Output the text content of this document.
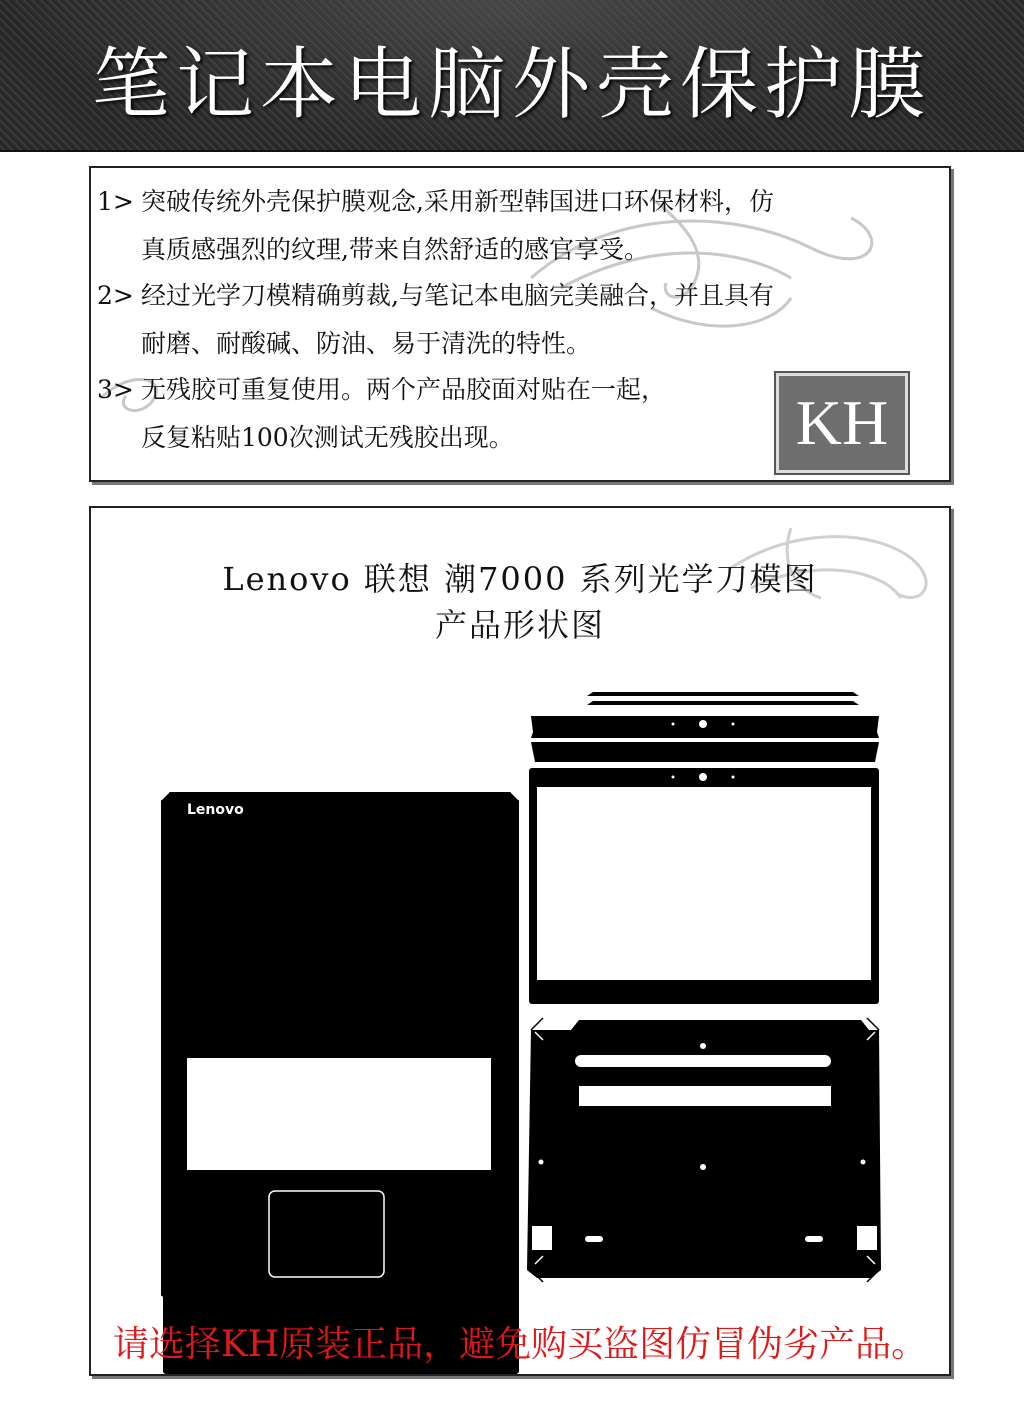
笔记本电脑外壳保护膜
1> 突破传统外壳保护膜观念,采用新型韩国进口环保材料，仿
真质感强烈的纹理,带来自然舒适的感官享受。
2> 经过光学刀模精确剪裁,与笔记本电脑完美融合，并且具有
耐磨、耐酸碱、防油、易于清洗的特性。
3> 无残胶可重复使用。两个产品胶面对贴在一起，
反复粘贴100次测试无残胶出现。	KH
Lenovo 联想 潮7000 系列光学刀模图
产品形状图
Lenovo
请选择KH原装正品，避免购买盗图仿冒伪劣产品。
